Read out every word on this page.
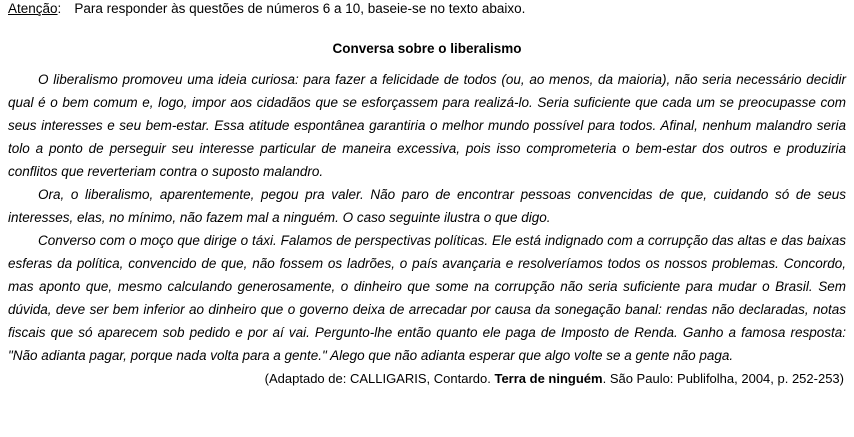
Atenção: Para responder às questões de números 6 a 10, baseie-se no texto abaixo.
Conversa sobre o liberalismo

O liberalismo promoveu uma ideia curiosa: para fazer a felicidade de todos (ou, ao menos, da maioria), não seria necessário decidir qual é o bem comum e, logo, impor aos cidadãos que se esforçassem para realizá-lo. Seria suficiente que cada um se preocupasse com seus interesses e seu bem-estar. Essa atitude espontânea garantiria o melhor mundo possível para todos. Afinal, nenhum malandro seria tolo a ponto de perseguir seu interesse particular de maneira excessiva, pois isso comprometeria o bem-estar dos outros e produziria conflitos que reverteriam contra o suposto malandro.

Ora, o liberalismo, aparentemente, pegou pra valer. Não paro de encontrar pessoas convencidas de que, cuidando só de seus interesses, elas, no mínimo, não fazem mal a ninguém. O caso seguinte ilustra o que digo.

Converso com o moço que dirige o táxi. Falamos de perspectivas políticas. Ele está indignado com a corrupção das altas e das baixas esferas da política, convencido de que, não fossem os ladrões, o país avançaria e resolveríamos todos os nossos problemas. Concordo, mas aponto que, mesmo calculando generosamente, o dinheiro que some na corrupção não seria suficiente para mudar o Brasil. Sem dúvida, deve ser bem inferior ao dinheiro que o governo deixa de arrecadar por causa da sonegação banal: rendas não declaradas, notas fiscais que só aparecem sob pedido e por aí vai. Pergunto-lhe então quanto ele paga de Imposto de Renda. Ganho a famosa resposta: "Não adianta pagar, porque nada volta para a gente." Alego que não adianta esperar que algo volte se a gente não paga.

(Adaptado de: CALLIGARIS, Contardo. Terra de ninguém. São Paulo: Publifolha, 2004, p. 252-253)
